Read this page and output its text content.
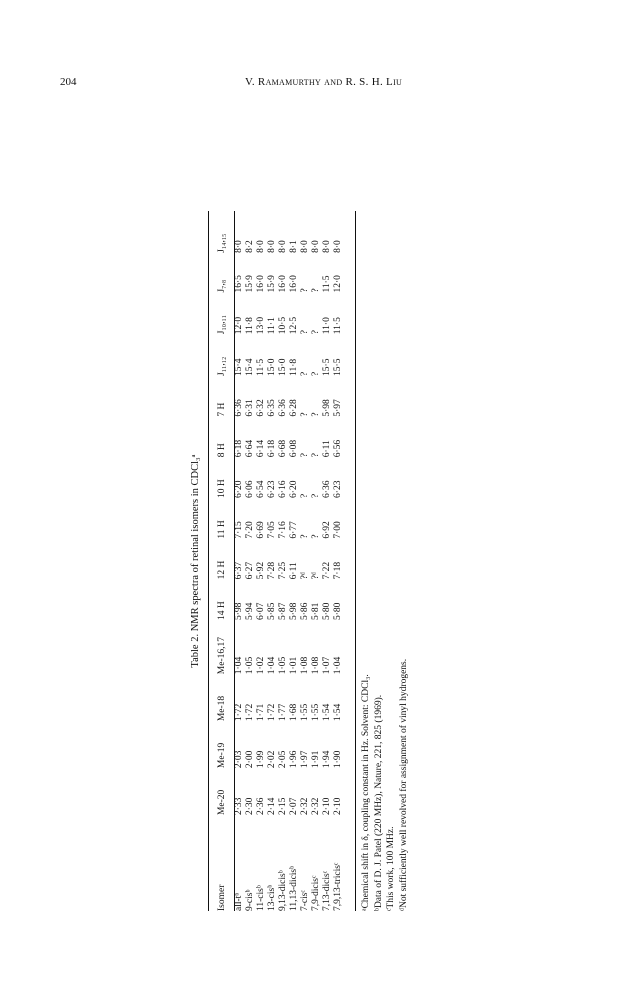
204	V. Ramamurthy and R. S. H. Liu
Table 2. NMR spectra of retinal isomers in CDCl₃ᵃ
Isomer	Me-20	Me-19	Me-18	Me-16,17	14 H	12 H	11 H	10 H	8 H	7 H	J₁₁,₁₂	J₁₀,₁₁	J₇,₈	J₁₄,₁₅
all-tᵇ	2·33	2·03	1·72	1·04	5·98	6·37	7·15	6·20	6·18	6·36	15·4	12·0	16·5	8·0
9-cisᵇ	2·30	2·00	1·72	1·05	5·94	6·27	7·20	6·06	6·64	6·31	15·4	11·8	15·9	8·2
11-cisᵇ	2·36	1·99	1·71	1·02	6·07	5·92	6·69	6·54	6·14	6·32	11·5	13·0	16·0	8·0
13-cisᵇ	2·14	2·02	1·72	1·04	5·85	7·28	7·05	6·23	6·18	6·35	15·0	11·1	15·9	8·0
9,13-dicisᵇ	2·15	2·05	1·77	1·05	5·87	7·25	7·16	6·16	6·68	6·36	15·0	10·5	16·0	8·0
11,13-dicisᵇ	2·07	1·96	1·68	1·01	5·98	6·11	6·77	6·20	6·08	6·28	11·8	12·5	16·0	8·1
7-cisᶜ	2·32	1·97	1·55	1·08	5·86	?ᵈ	?	?	?	?	?	?	?	8·0
7,9-dicisᶜ	2·32	1·91	1·55	1·08	5·81	?ᵈ	?	?	?	?	?	?	?	8·0
7,13-dicisᶜ	2·10	1·94	1·54	1·07	5·80	7·22	6·92	6·36	6·11	5·98	15·5	11·0	11·5	8·0
7,9,13-tricisᶜ	2·10	1·90	1·54	1·04	5·80	7·18	7·00	6·23	6·56	5·97	15·5	11·5	12·0	8·0
ᵃChemical shift in δ, coupling constant in Hz. Solvent: CDCl₃. ᵇData of D. J. Patel (220 MHz), Nature, 221, 825 (1969). ᶜThis work, 100 MHz. ᵈNot sufficiently well revolved for assignment of vinyl hydrogens.
